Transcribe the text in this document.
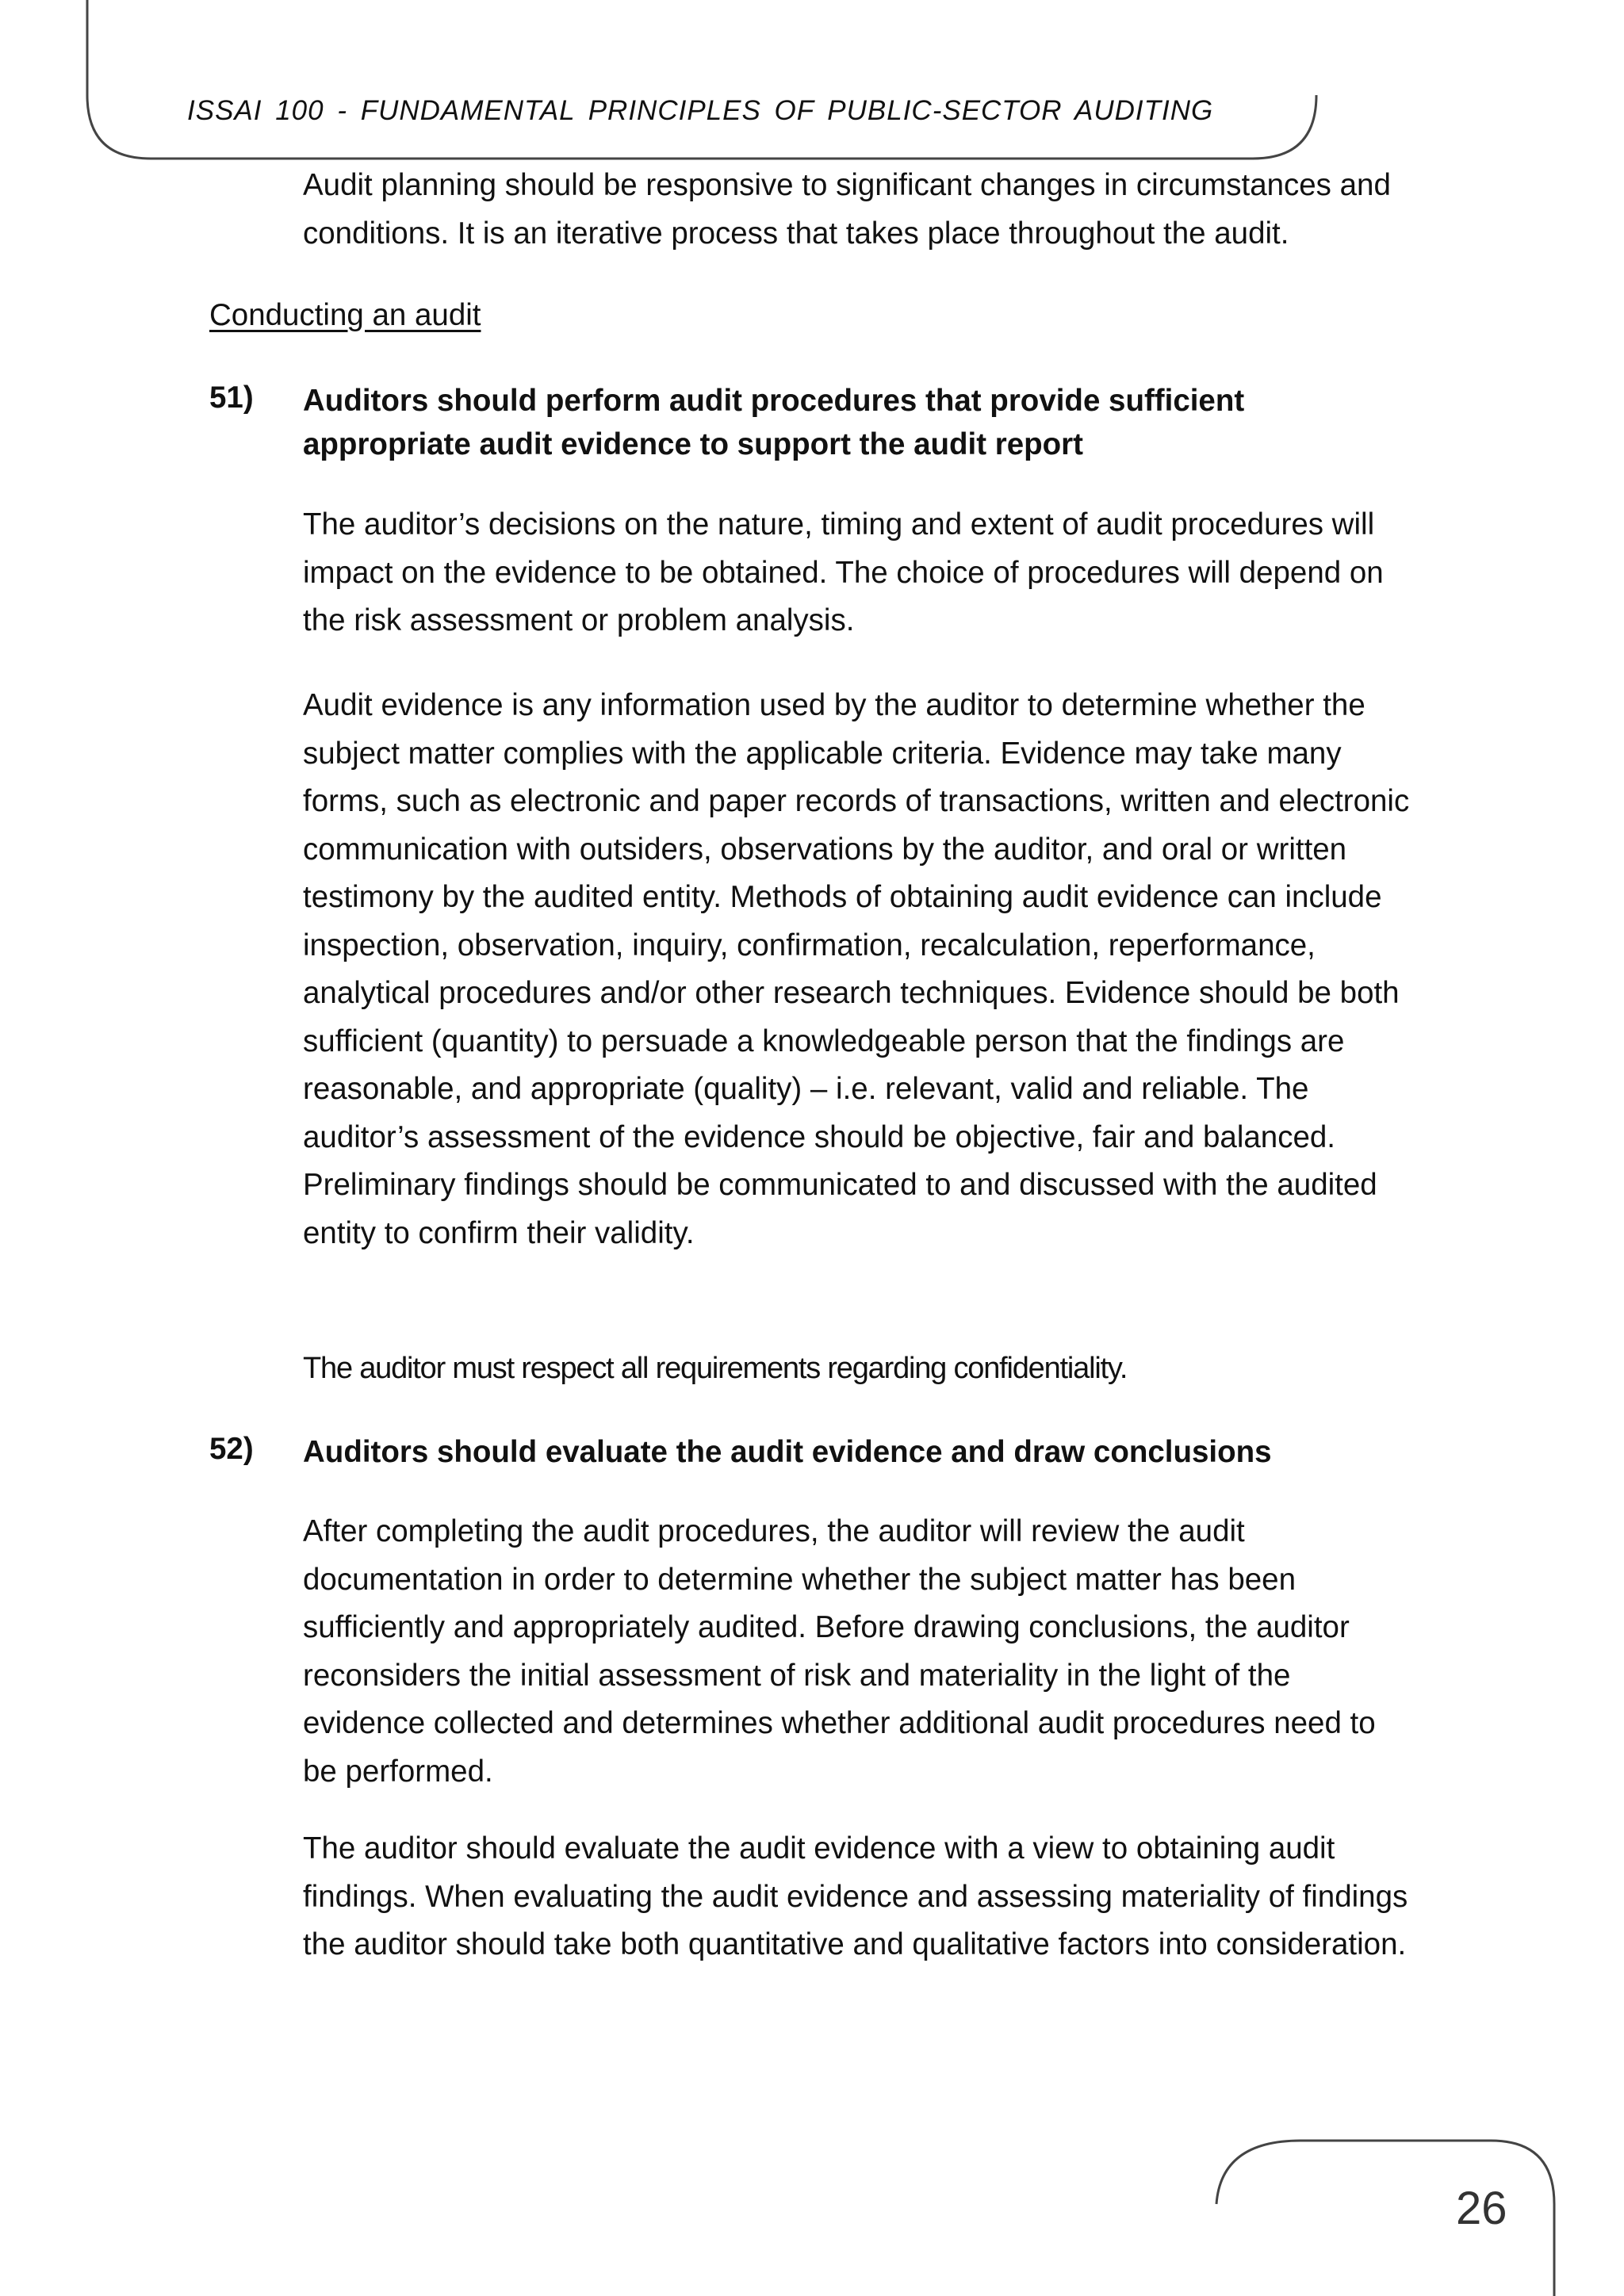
ISSAI 100 - FUNDAMENTAL PRINCIPLES OF PUBLIC-SECTOR AUDITING
Audit planning should be responsive to significant changes in circumstances and conditions. It is an iterative process that takes place throughout the audit.
Conducting an audit
51) Auditors should perform audit procedures that provide sufficient appropriate audit evidence to support the audit report
The auditor’s decisions on the nature, timing and extent of audit procedures will impact on the evidence to be obtained. The choice of procedures will depend on the risk assessment or problem analysis.
Audit evidence is any information used by the auditor to determine whether the subject matter complies with the applicable criteria. Evidence may take many forms, such as electronic and paper records of transactions, written and electronic communication with outsiders, observations by the auditor, and oral or written testimony by the audited entity. Methods of obtaining audit evidence can include inspection, observation, inquiry, confirmation, recalculation, reperformance, analytical procedures and/or other research techniques. Evidence should be both sufficient (quantity) to persuade a knowledgeable person that the findings are reasonable, and appropriate (quality) – i.e. relevant, valid and reliable. The auditor’s assessment of the evidence should be objective, fair and balanced. Preliminary findings should be communicated to and discussed with the audited entity to confirm their validity.
The auditor must respect all requirements regarding confidentiality.
52) Auditors should evaluate the audit evidence and draw conclusions
After completing the audit procedures, the auditor will review the audit documentation in order to determine whether the subject matter has been sufficiently and appropriately audited. Before drawing conclusions, the auditor reconsiders the initial assessment of risk and materiality in the light of the evidence collected and determines whether additional audit procedures need to be performed.
The auditor should evaluate the audit evidence with a view to obtaining audit findings. When evaluating the audit evidence and assessing materiality of findings the auditor should take both quantitative and qualitative factors into consideration.
26
